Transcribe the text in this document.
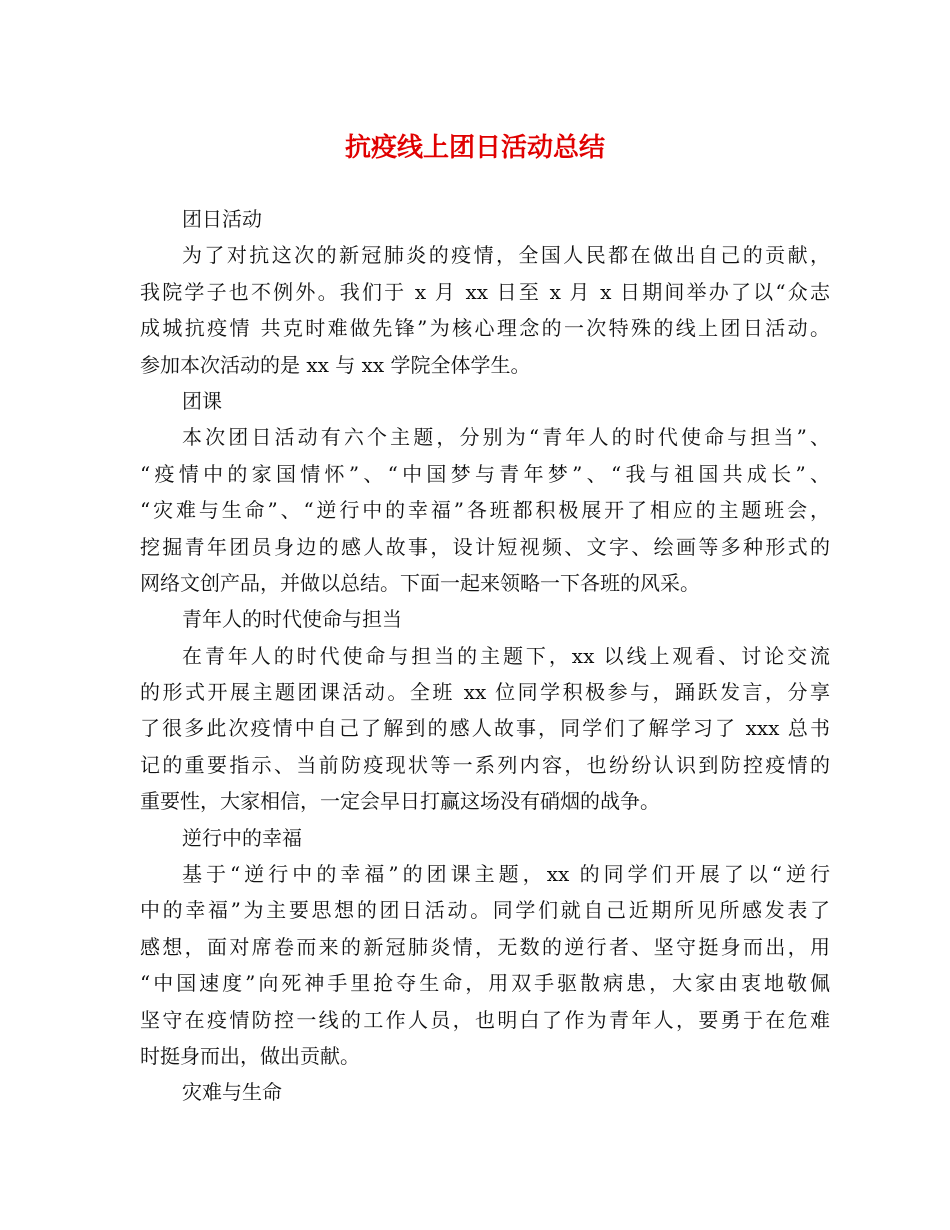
抗疫线上团日活动总结
团日活动
为了对抗这次的新冠肺炎的疫情，全国人民都在做出自己的贡献，
我院学子也不例外。我们于 x 月 xx 日至 x 月 x 日期间举办了以“众志
成城抗疫情 共克时难做先锋”为核心理念的一次特殊的线上团日活动。
参加本次活动的是 xx 与 xx 学院全体学生。
团课
本次团日活动有六个主题，分别为“青年人的时代使命与担当”、
“疫情中的家国情怀”、“中国梦与青年梦”、“我与祖国共成长”、
“灾难与生命”、“逆行中的幸福”各班都积极展开了相应的主题班会，
挖掘青年团员身边的感人故事，设计短视频、文字、绘画等多种形式的
网络文创产品，并做以总结。下面一起来领略一下各班的风采。
青年人的时代使命与担当
在青年人的时代使命与担当的主题下，xx 以线上观看、讨论交流
的形式开展主题团课活动。全班 xx 位同学积极参与，踊跃发言，分享
了很多此次疫情中自己了解到的感人故事，同学们了解学习了 xxx 总书
记的重要指示、当前防疫现状等一系列内容，也纷纷认识到防控疫情的
重要性，大家相信，一定会早日打赢这场没有硝烟的战争。
逆行中的幸福
基于“逆行中的幸福”的团课主题，xx 的同学们开展了以“逆行
中的幸福”为主要思想的团日活动。同学们就自己近期所见所感发表了
感想，面对席卷而来的新冠肺炎情，无数的逆行者、坚守挺身而出，用
“中国速度”向死神手里抢夺生命，用双手驱散病患，大家由衷地敬佩
坚守在疫情防控一线的工作人员，也明白了作为青年人，要勇于在危难
时挺身而出，做出贡献。
灾难与生命
